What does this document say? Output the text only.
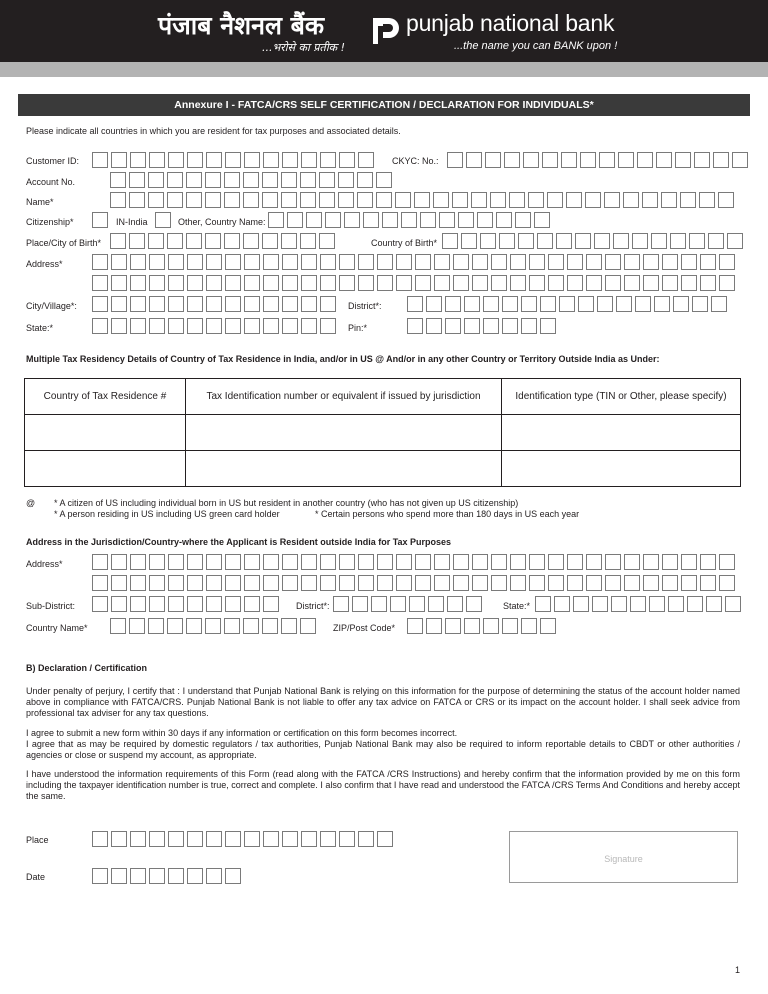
पंजाब नैशनल बैंक
...भरोसे का प्रतीक !
punjab national bank
...the name you can BANK upon !
Annexure I - FATCA/CRS SELF CERTIFICATION / DECLARATION FOR INDIVIDUALS*
Please indicate all countries in which you are resident for tax purposes and associated details.
Customer ID:	CKYC: No.:
Account No.
Name*
Citizenship*	IN-India	Other, Country Name:
Place/City of Birth*	Country of Birth*
Address*
City/Village*:	District*:
State:*	Pin:*
Multiple Tax Residency Details of Country of Tax Residence in India, and/or in US @ And/or in any other Country or Territory Outside India as Under:
Country of Tax Residence #	Tax Identification number or equivalent if issued by jurisdiction	Identification type (TIN or Other, please specify)

@ * A citizen of US including individual born in US but resident in another country (who has not given up US citizenship)
* A person residing in US including US green card holder	* Certain persons who spend more than 180 days in US each year
Address in the Jurisdiction/Country-where the Applicant is Resident outside India for Tax Purposes
Address*
Sub-District:	District*:	State:*
Country Name*	ZIP/Post Code*
B) Declaration / Certification
Under penalty of perjury, I certify that : I understand that Punjab National Bank is relying on this information for the purpose of determining the status of the account holder named above in compliance with FATCA/CRS. Punjab National Bank is not liable to offer any tax advice on FATCA or CRS or its impact on the account holder. I shall seek advice from professional tax adviser for any tax questions.
I agree to submit a new form within 30 days if any information or certification on this form becomes incorrect.
I agree that as may be required by domestic regulators / tax authorities, Punjab National Bank may also be required to inform reportable details to CBDT or other authorities / agencies or close or suspend my account, as appropriate.
I have understood the information requirements of this Form (read along with the FATCA /CRS Instructions) and hereby confirm that the information provided by me on this form including the taxpayer identification number is true, correct and complete. I also confirm that I have read and understood the FATCA /CRS Terms And Conditions and hereby accept the same.
Place
Date
Signature
1
